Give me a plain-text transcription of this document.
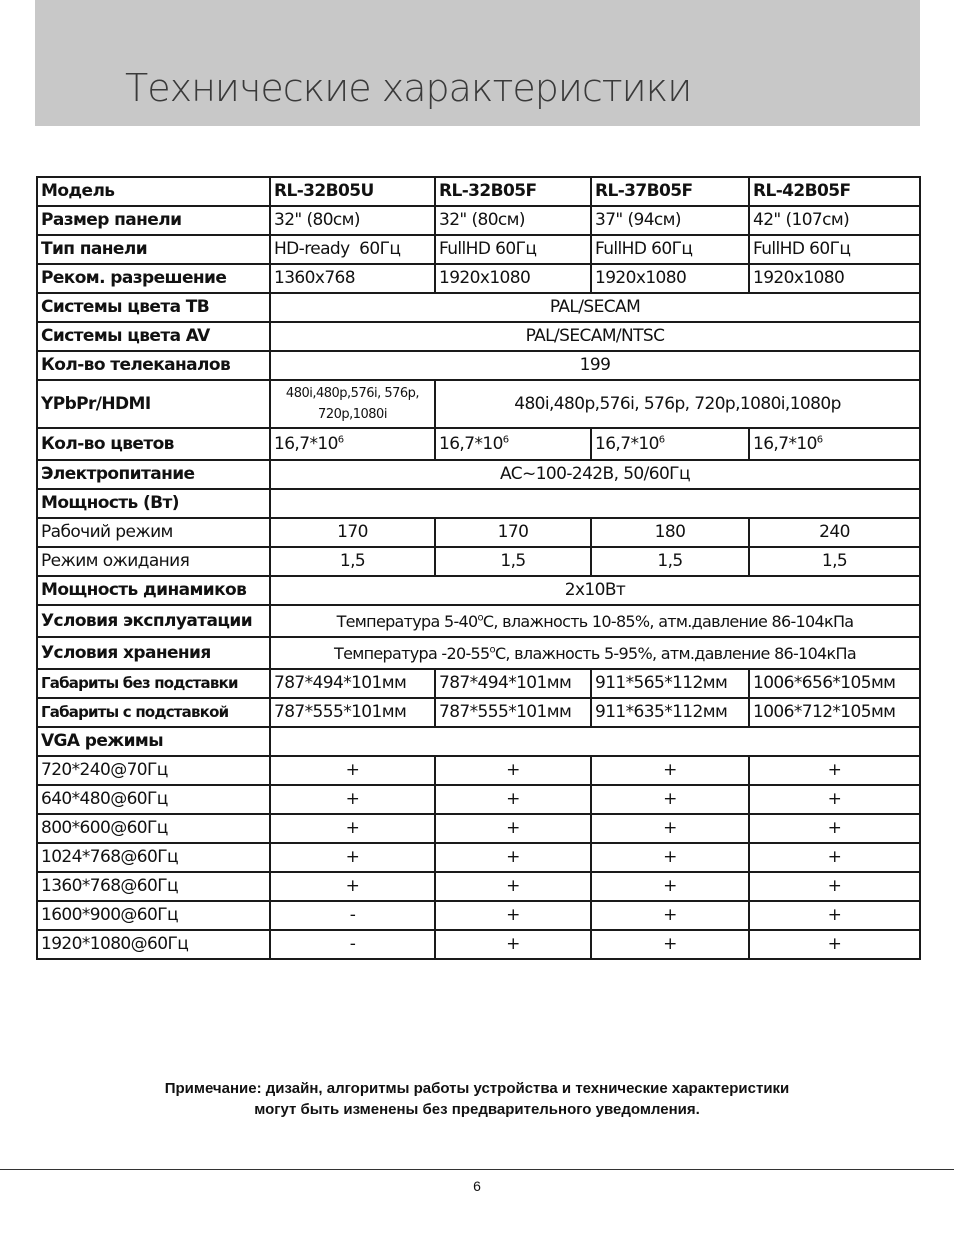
Технические характеристики
Модель	RL-32B05U	RL-32B05F	RL-37B05F	RL-42B05F
Размер панели	32" (80см)	32" (80см)	37" (94см)	42" (107см)
Тип панели	HD-ready  60Гц	FullHD 60Гц	FullHD 60Гц	FullHD 60Гц
Реком. разрешение	1360x768	1920x1080	1920x1080	1920x1080
Системы цвета ТВ	PAL/SECAM			
Системы цвета AV	PAL/SECAM/NTSC			
Кол-во телеканалов	199			
YPbPr/HDMI	480i,480p,576i, 576p, 720p,1080i	480i,480p,576i, 576p, 720p,1080i,1080p		
Кол-во цветов	$16,7*10^6$	$16,7*10^6$	$16,7*10^6$	$16,7*10^6$
Электропитание	AC~100-242В, 50/60Гц			
Мощность (Вт)				
Рабочий режим	170	170	180	240
Режим ожидания	1,5	1,5	1,5	1,5
Мощность динамиков	2x10Вт			
Условия эксплуатации	Температура 5-40$^o$С, влажность 10-85%, атм.давление 86-104кПа			
Условия хранения	Температура -20-55$^o$С, влажность 5-95%, атм.давление 86-104кПа			
Габариты без подставки	787*494*101мм	787*494*101мм	911*565*112мм	1006*656*105мм
Габариты с подставкой	787*555*101мм	787*555*101мм	911*635*112мм	1006*712*105мм
VGA режимы				
720*240@70Гц	+	+	+	+
640*480@60Гц	+	+	+	+
800*600@60Гц	+	+	+	+
1024*768@60Гц	+	+	+	+
1360*768@60Гц	+	+	+	+
1600*900@60Гц	-	+	+	+
1920*1080@60Гц	-	+	+	+
Примечание: дизайн, алгоритмы работы устройства и технические характеристики
могут быть изменены без предварительного уведомления.
6
